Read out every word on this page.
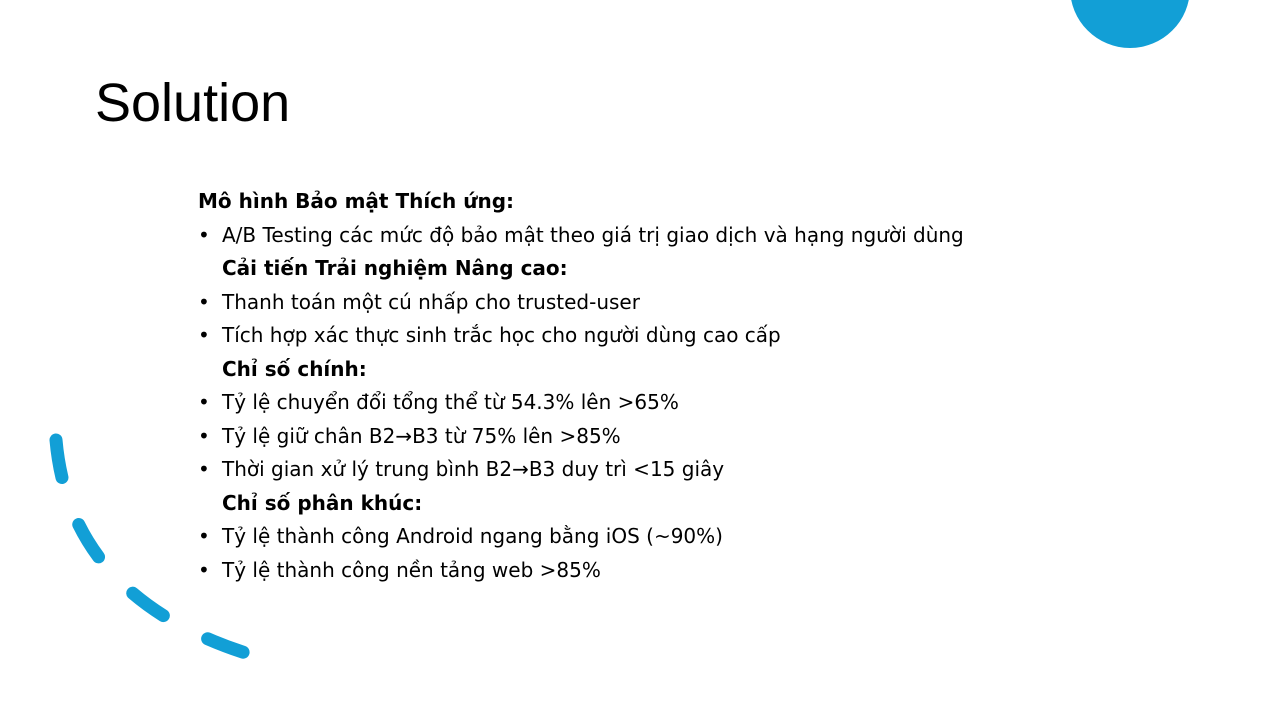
Solution
Mô hình Bảo mật Thích ứng:
• A/B Testing các mức độ bảo mật theo giá trị giao dịch và hạng người dùng
Cải tiến Trải nghiệm Nâng cao:
• Thanh toán một cú nhấp cho trusted-user
• Tích hợp xác thực sinh trắc học cho người dùng cao cấp
Chỉ số chính:
• Tỷ lệ chuyển đổi tổng thể từ 54.3% lên >65%
• Tỷ lệ giữ chân B2→B3 từ 75% lên >85%
• Thời gian xử lý trung bình B2→B3 duy trì <15 giây
Chỉ số phân khúc:
• Tỷ lệ thành công Android ngang bằng iOS (~90%)
• Tỷ lệ thành công nền tảng web >85%
